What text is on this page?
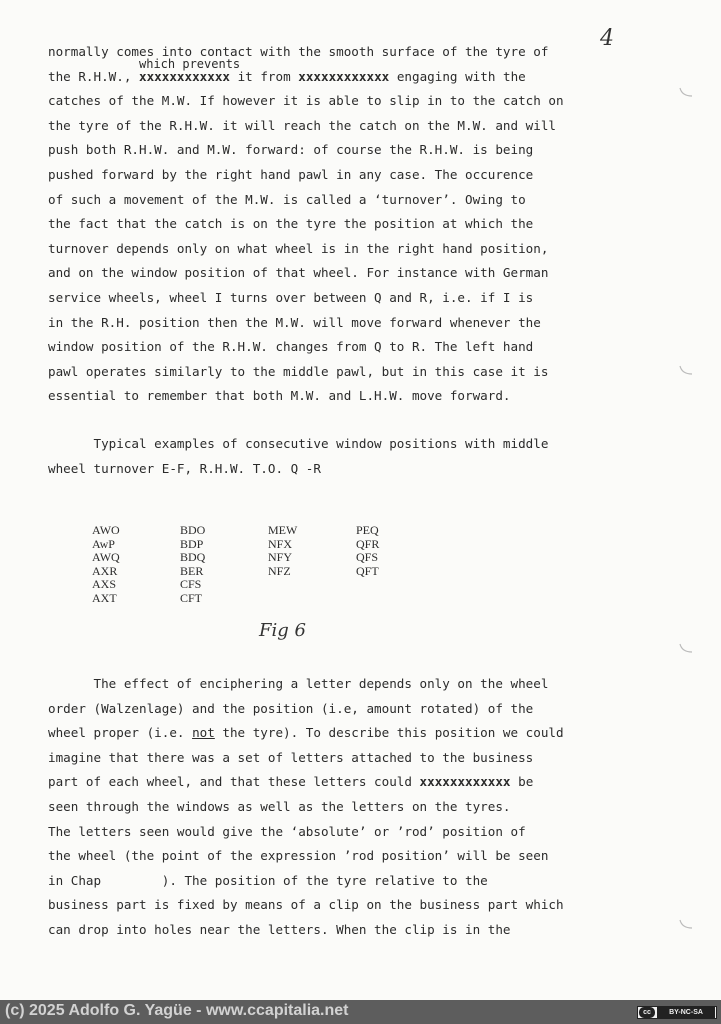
4
which prevents
normally comes into contact with the smooth surface of the tyre of
the R.H.W., xxxxxxxxxxxx it from xxxxxxxxxxxx engaging with the
catches of the M.W. If however it is able to slip in to the catch on
the tyre of the R.H.W. it will reach the catch on the M.W. and will
push both R.H.W. and M.W. forward: of course the R.H.W. is being
pushed forward by the right hand pawl in any case. The occurence
of such a movement of the M.W. is called a ‘turnover’. Owing to
the fact that the catch is on the tyre the position at which the
turnover depends only on what wheel is in the right hand position,
and on the window position of that wheel. For instance with German
service wheels, wheel I turns over between Q and R, i.e. if I is
in the R.H. position then the M.W. will move forward whenever the
window position of the R.H.W. changes from Q to R. The left hand
pawl operates similarly to the middle pawl, but in this case it is
essential to remember that both M.W. and L.H.W. move forward.
Typical examples of consecutive window positions with middle
wheel turnover E-F, R.H.W. T.O. Q -R
The effect of enciphering a letter depends only on the wheel
order (Walzenlage) and the position (i.e, amount rotated) of the
wheel proper (i.e. not the tyre). To describe this position we could
imagine that there was a set of letters attached to the business
part of each wheel, and that these letters could xxxxxxxxxxxx be
seen through the windows as well as the letters on the tyres.
The letters seen would give the ‘absolute’ or ’rod’ position of
the wheel (the point of the expression ’rod position’ will be seen
in Chap        ). The position of the tyre relative to the
business part is fixed by means of a clip on the business part which
can drop into holes near the letters. When the clip is in the
AWO	BDO	MEW	PEQ
AwP	BDP	NFX	QFR
AWQ	BDQ	NFY	QFS
AXR	BER	NFZ	QFT
AXS	CFS		
AXT	CFT		
Fig 6
(c) 2025 Adolfo G. Yagüe - www.ccapitalia.net	cc	BY-NC-SA
